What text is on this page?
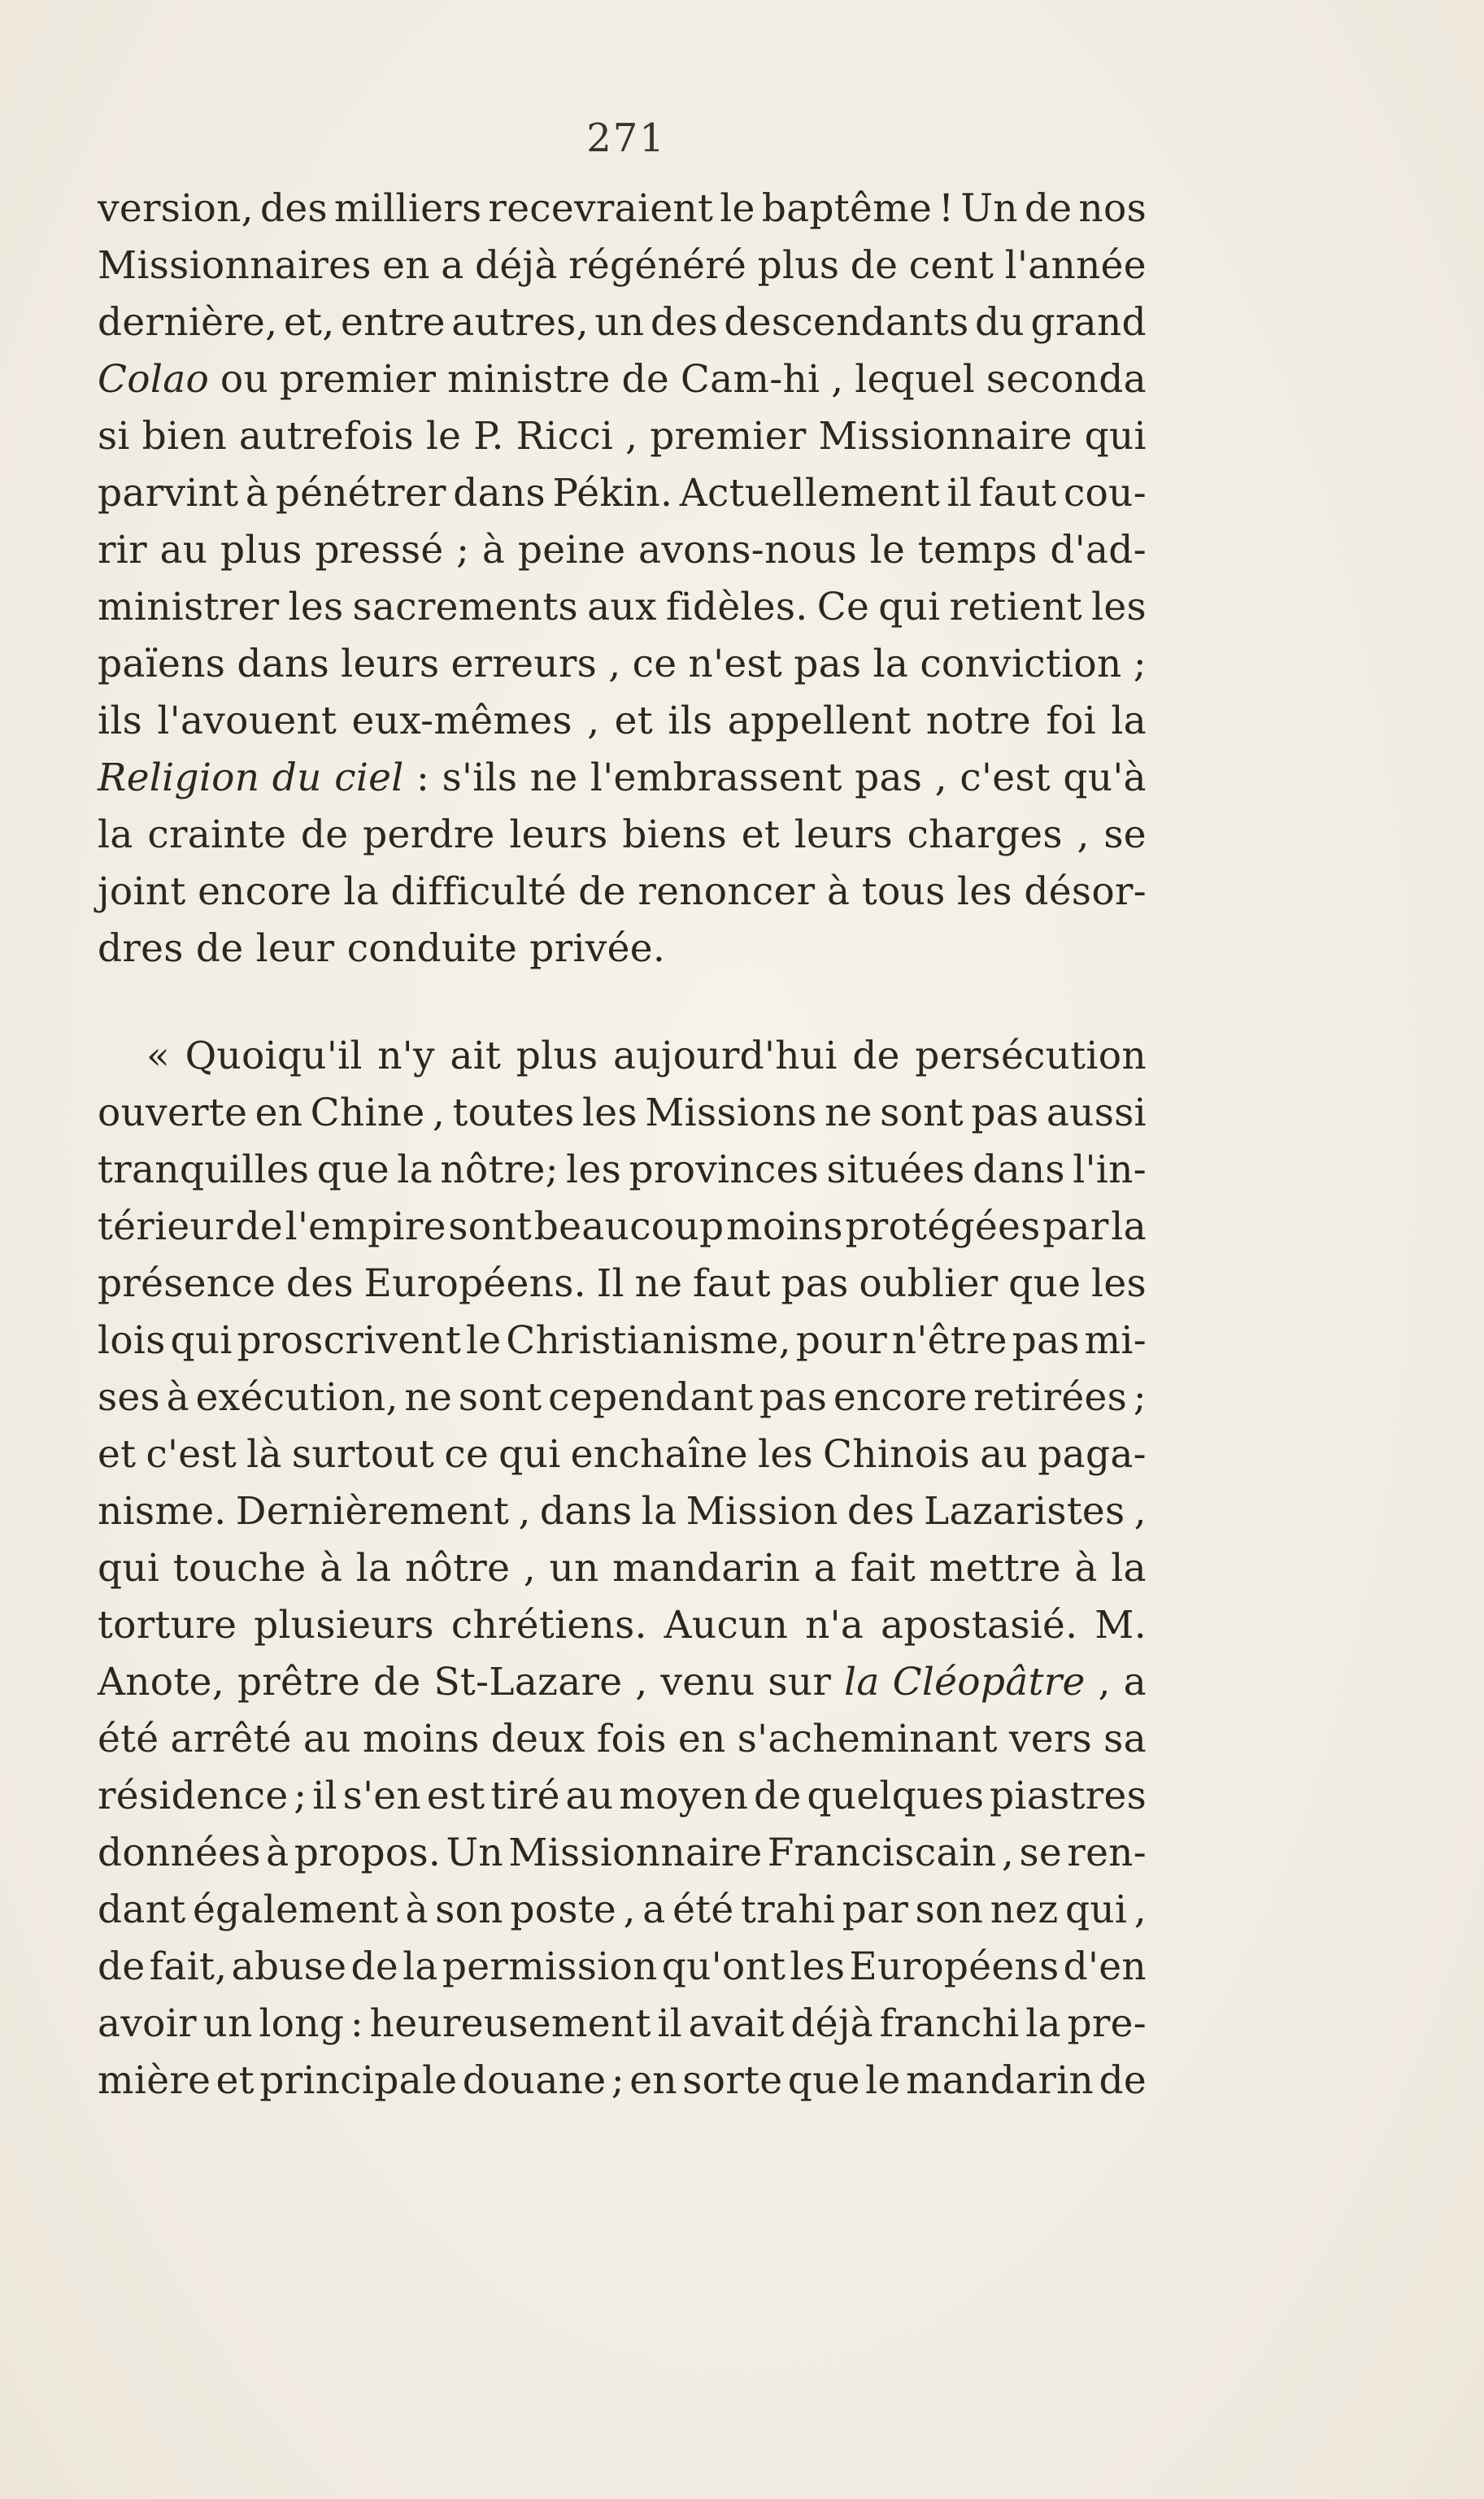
271
version, des milliers recevraient le baptême ! Un de nos
Missionnaires en a déjà régénéré plus de cent l'année
dernière, et, entre autres, un des descendants du grand
Colao ou premier ministre de Cam-hi , lequel seconda
si bien autrefois le P. Ricci , premier Missionnaire qui
parvint à pénétrer dans Pékin. Actuellement il faut cou-
rir au plus pressé ; à peine avons-nous le temps d'ad-
ministrer les sacrements aux fidèles. Ce qui retient les
païens dans leurs erreurs , ce n'est pas la conviction ;
ils l'avouent eux-mêmes , et ils appellent notre foi la
Religion du ciel : s'ils ne l'embrassent pas , c'est qu'à
la crainte de perdre leurs biens et leurs charges , se
joint encore la difficulté de renoncer à tous les désor-
dres de leur conduite privée.
« Quoiqu'il n'y ait plus aujourd'hui de persécution
ouverte en Chine , toutes les Missions ne sont pas aussi
tranquilles que la nôtre; les provinces situées dans l'in-
térieur de l'empire sont beaucoup moins protégées par la
présence des Européens. Il ne faut pas oublier que les
lois qui proscrivent le Christianisme, pour n'être pas mi-
ses à exécution, ne sont cependant pas encore retirées ;
et c'est là surtout ce qui enchaîne les Chinois au paga-
nisme. Dernièrement , dans la Mission des Lazaristes ,
qui touche à la nôtre , un mandarin a fait mettre à la
torture plusieurs chrétiens. Aucun n'a apostasié. M.
Anote, prêtre de St-Lazare , venu sur la Cléopâtre , a
été arrêté au moins deux fois en s'acheminant vers sa
résidence ; il s'en est tiré au moyen de quelques piastres
données à propos. Un Missionnaire Franciscain , se ren-
dant également à son poste , a été trahi par son nez qui ,
de fait, abuse de la permission qu'ont les Européens d'en
avoir un long : heureusement il avait déjà franchi la pre-
mière et principale douane ; en sorte que le mandarin de
